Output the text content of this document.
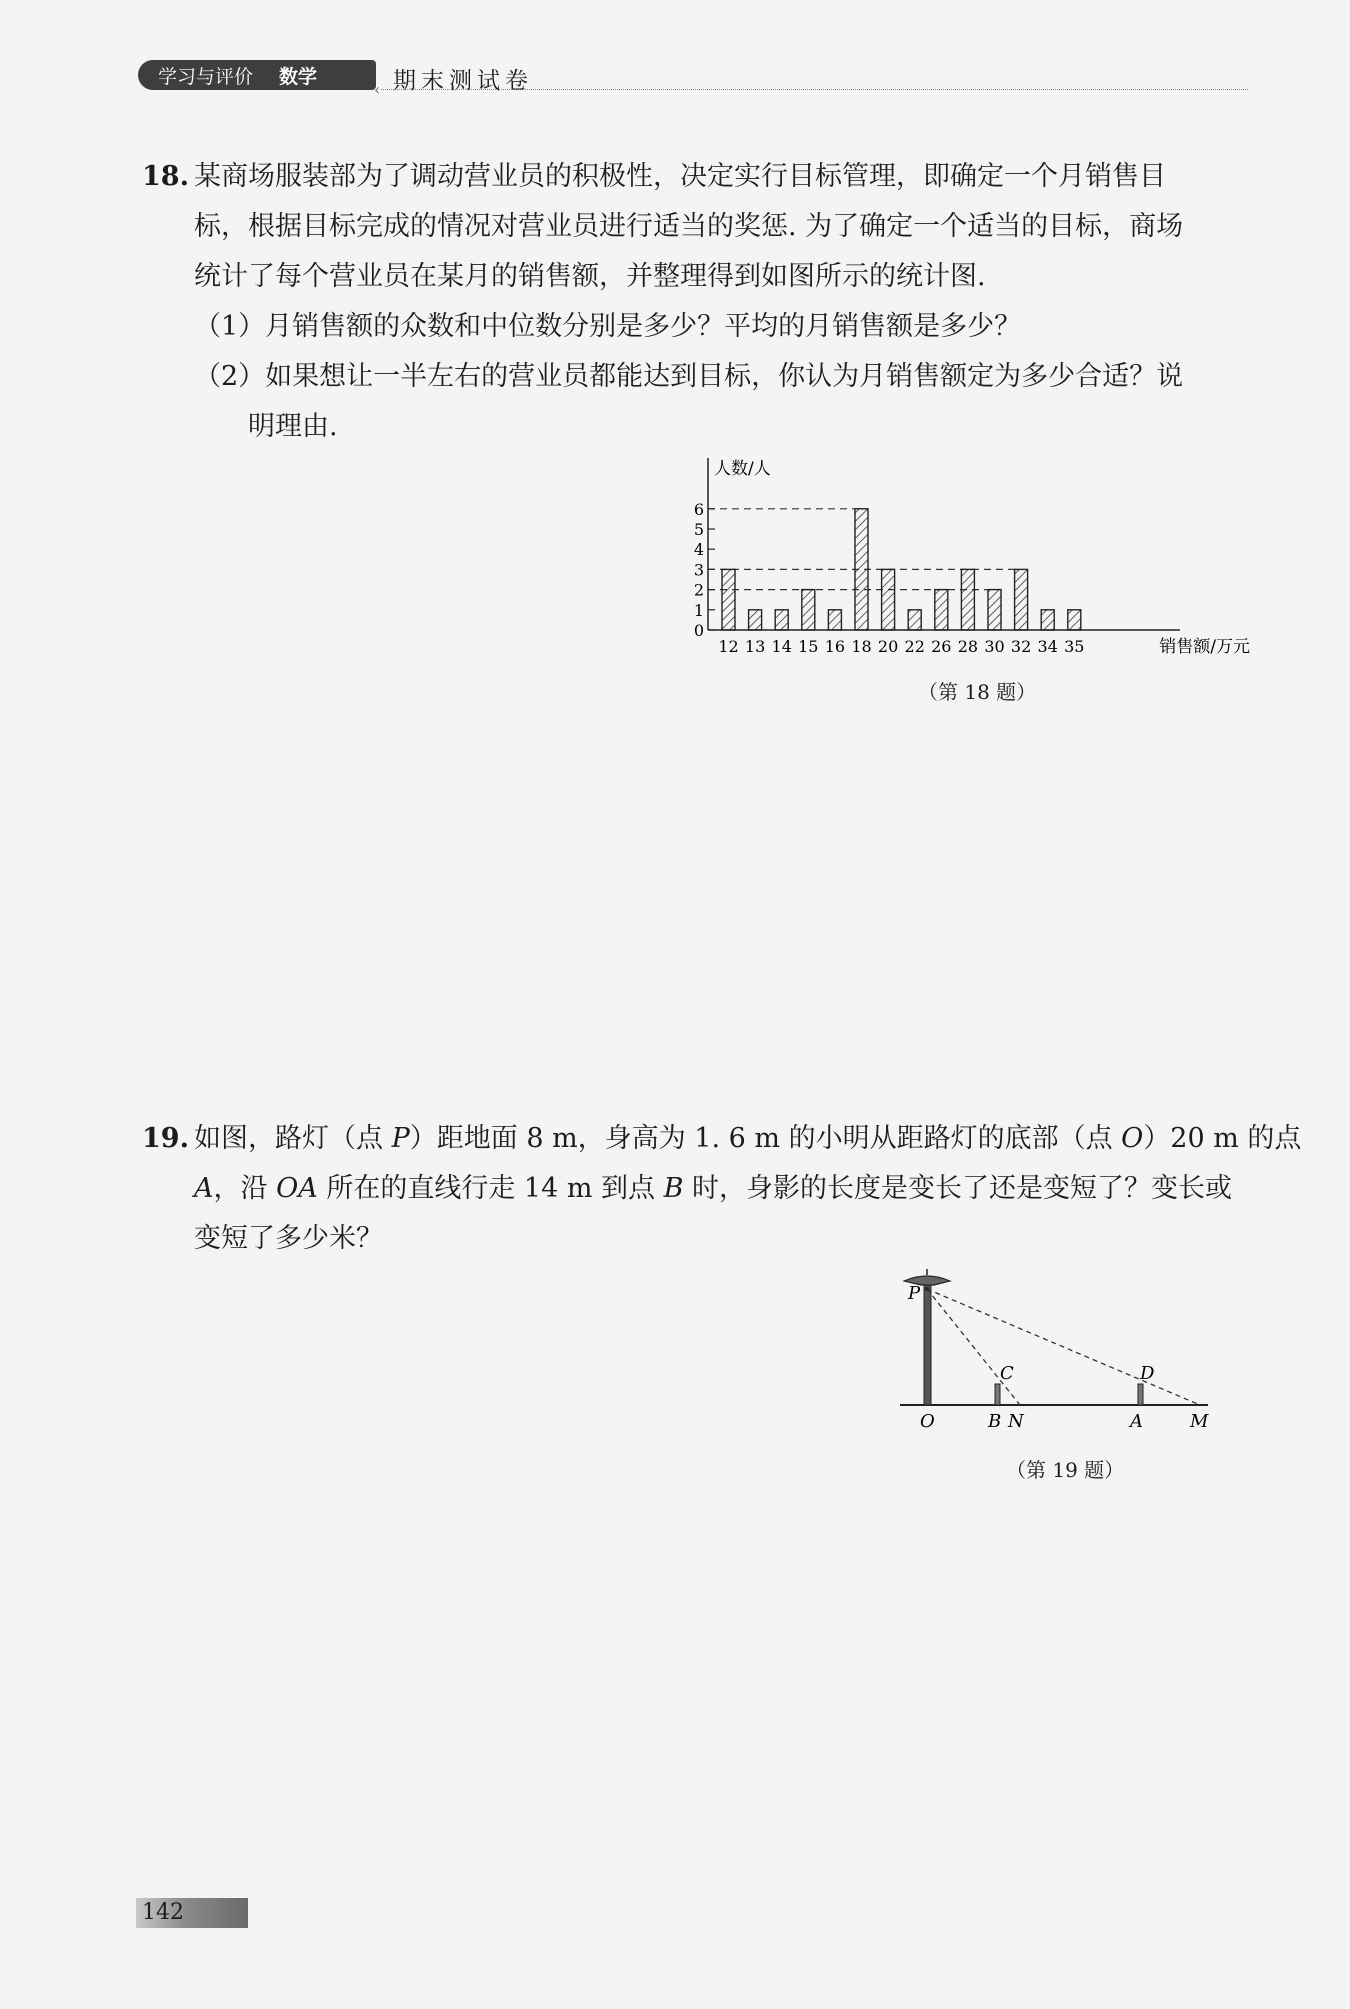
学习与评价	数学
‹ 期末测试卷
18. 某商场服装部为了调动营业员的积极性，决定实行目标管理，即确定一个月销售目
标，根据目标完成的情况对营业员进行适当的奖惩. 为了确定一个适当的目标，商场
统计了每个营业员在某月的销售额，并整理得到如图所示的统计图.
（1）月销售额的众数和中位数分别是多少？平均的月销售额是多少？
（2）如果想让一半左右的营业员都能达到目标，你认为月销售额定为多少合适？说
明理由.
0
1
2
3
4
5
6
12 13 14 15 16 18 20 22 26 28 30 32 34 35
人数/人
销售额/万元
（第 18 题）
19. 如图，路灯（点 P）距地面 8 m，身高为 1. 6 m 的小明从距路灯的底部（点 O）20 m 的点
A，沿 OA 所在的直线行走 14 m 到点 B 时，身影的长度是变长了还是变短了？变长或
变短了多少米？
P
C	D
O	B N	A	M
（第 19 题）
142
